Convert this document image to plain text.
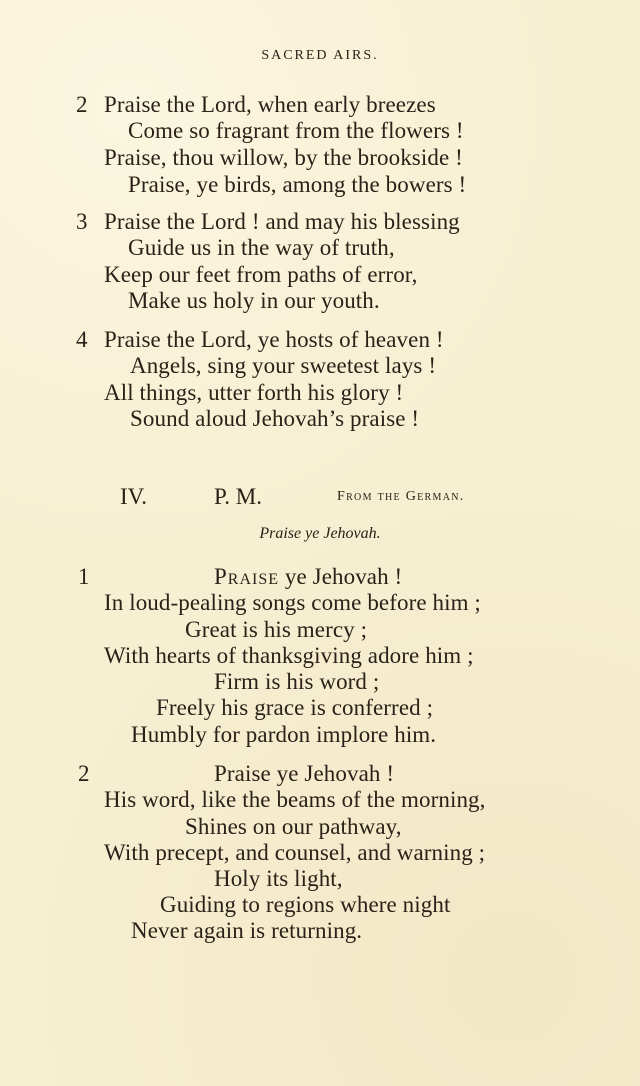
SACRED AIRS.
2 Praise the Lord, when early breezes
Come so fragrant from the flowers !
Praise, thou willow, by the brookside !
Praise, ye birds, among the bowers !
3 Praise the Lord ! and may his blessing
Guide us in the way of truth,
Keep our feet from paths of error,
Make us holy in our youth.
4 Praise the Lord, ye hosts of heaven !
Angels, sing your sweetest lays !
All things, utter forth his glory !
Sound aloud Jehovah’s praise !
IV.	P. M.	From the German.
Praise ye Jehovah.
1	Praise ye Jehovah !
In loud-pealing songs come before him ;
Great is his mercy ;
With hearts of thanksgiving adore him ;
Firm is his word ;
Freely his grace is conferred ;
Humbly for pardon implore him.
2	Praise ye Jehovah !
His word, like the beams of the morning,
Shines on our pathway,
With precept, and counsel, and warning ;
Holy its light,
Guiding to regions where night
Never again is returning.
